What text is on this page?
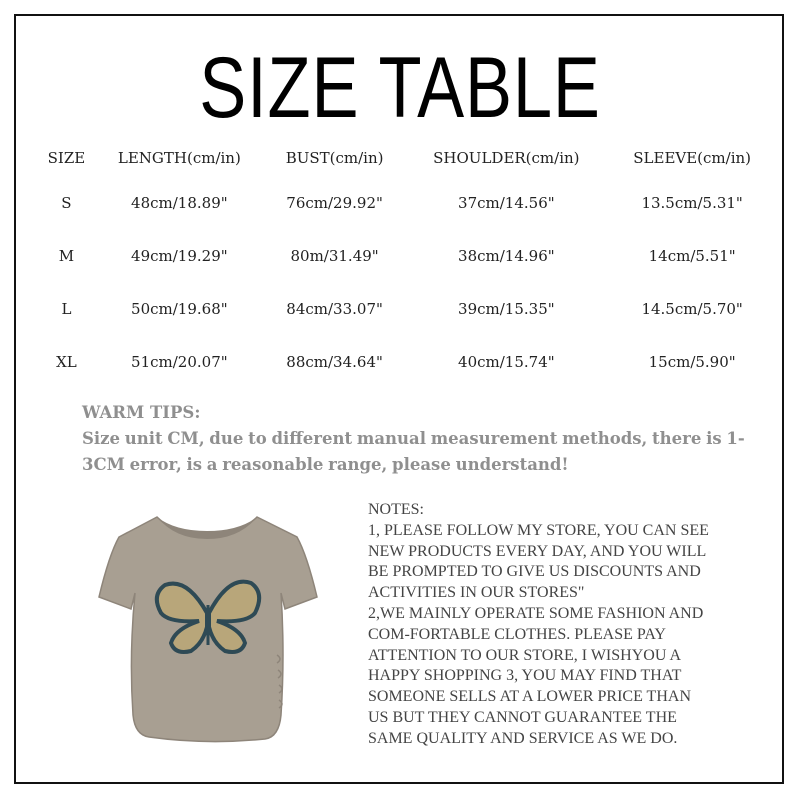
SIZE TABLE
SIZE	LENGTH(cm/in)	BUST(cm/in)	SHOULDER(cm/in)	SLEEVE(cm/in)
S	48cm/18.89"	76cm/29.92"	37cm/14.56"	13.5cm/5.31"
M	49cm/19.29"	80m/31.49"	38cm/14.96"	14cm/5.51"
L	50cm/19.68"	84cm/33.07"	39cm/15.35"	14.5cm/5.70"
XL	51cm/20.07"	88cm/34.64"	40cm/15.74"	15cm/5.90"
WARM TIPS:
Size unit CM, due to different manual measurement methods, there is 1-3CM error, is a reasonable range, please understand!
NOTES:
1, PLEASE FOLLOW MY STORE, YOU CAN SEE
NEW PRODUCTS EVERY DAY, AND YOU WILL
BE PROMPTED TO GIVE US DISCOUNTS AND
ACTIVITIES IN OUR STORES"
2,WE MAINLY OPERATE SOME FASHION AND
COM-FORTABLE CLOTHES. PLEASE PAY
ATTENTION TO OUR STORE, I WISHYOU A
HAPPY SHOPPING 3, YOU MAY FIND THAT
SOMEONE SELLS AT A LOWER PRICE THAN
US BUT THEY CANNOT GUARANTEE THE
SAME QUALITY AND SERVICE AS WE DO.
